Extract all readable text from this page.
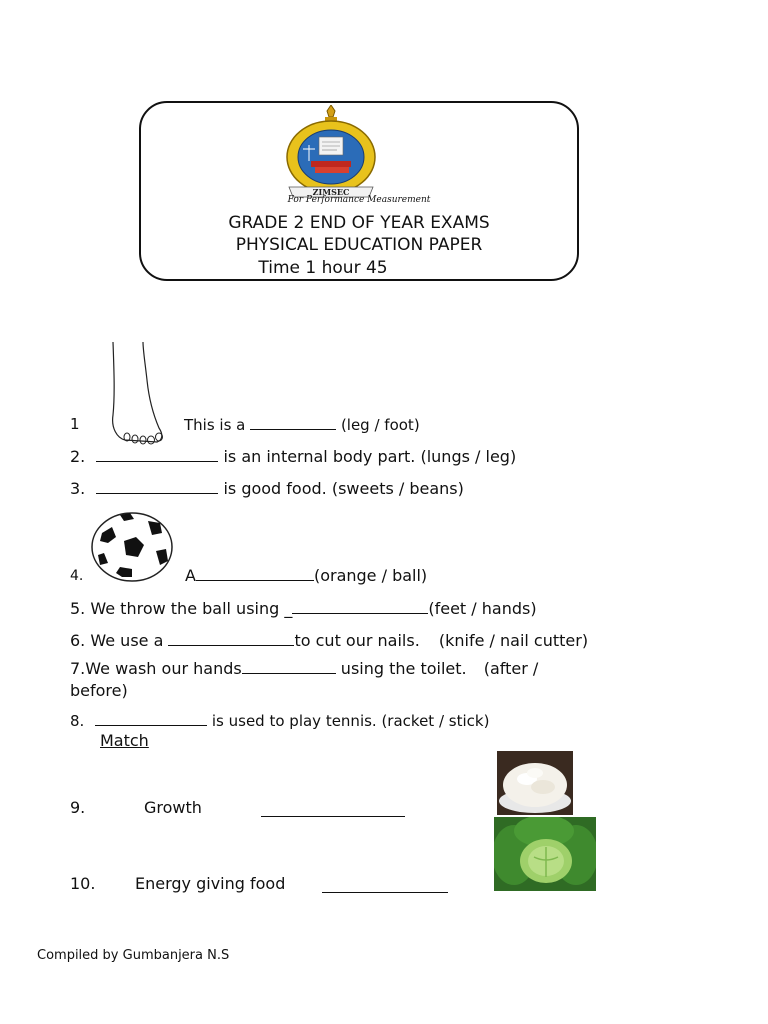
ZIMSEC
For Performance Measurement
GRADE 2 END OF YEAR EXAMS
PHYSICAL EDUCATION PAPER
Time 1 hour 45
1	This is a	(leg / foot)
2.	is an internal body part. (lungs / leg)
3.	is good food. (sweets / beans)
4.	A	(orange / ball)
5. We throw the ball using _	(feet / hands)
6. We use a	to cut our nails. (knife / nail cutter)
7.We wash our hands	using the toilet. (after /
before)
8.	is used to play tennis. (racket / stick)
Match
9.	Growth
10. Energy giving food
Compiled by Gumbanjera N.S
